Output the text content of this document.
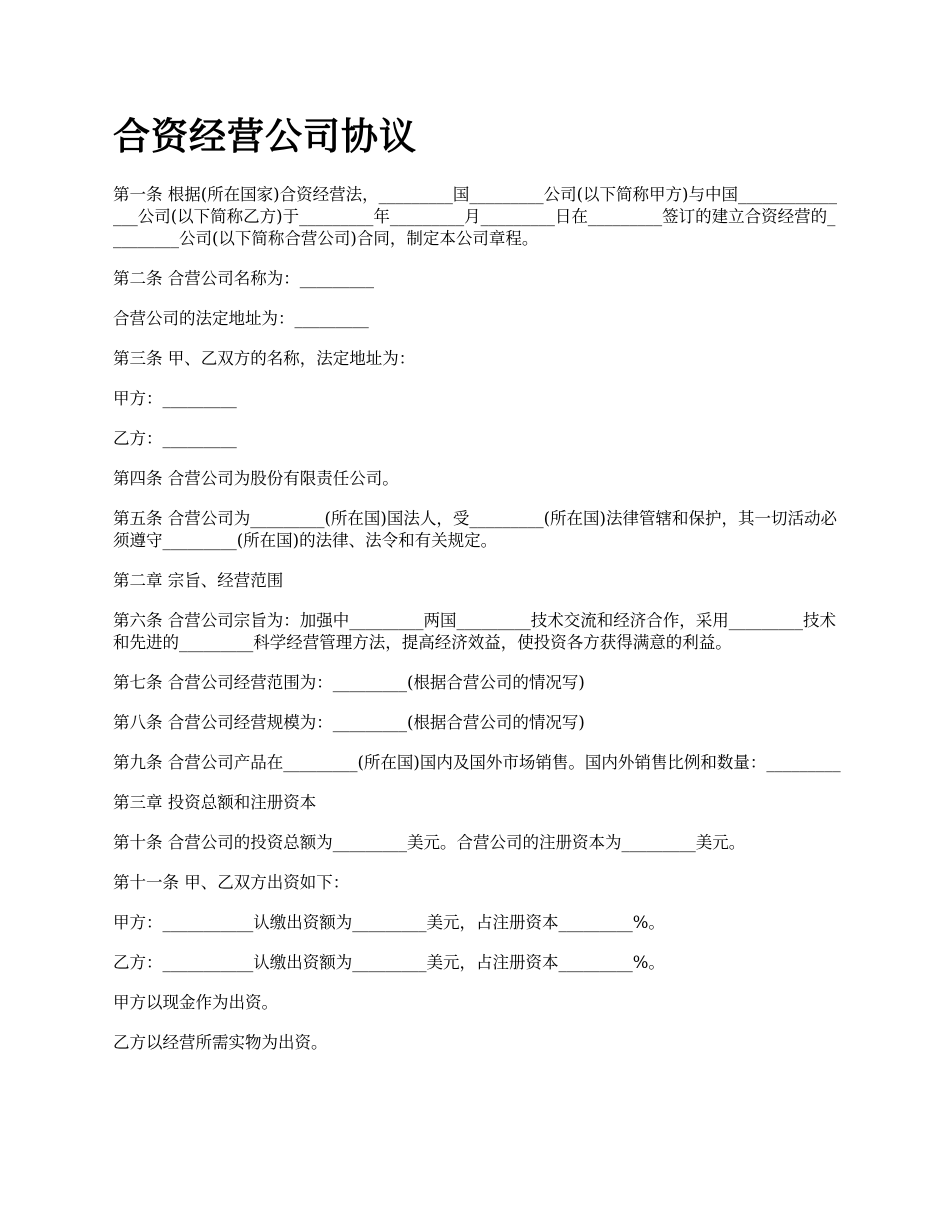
合资经营公司协议

第一条 根据(所在国家)合资经营法，_________国_________公司(以下简称甲方)与中国_______________公司(以下简称乙方)于_________年_________月_________日在_________签订的建立合资经营的_________公司(以下简称合营公司)合同，制定本公司章程。

第二条 合营公司名称为：_________

合营公司的法定地址为：_________

第三条 甲、乙双方的名称，法定地址为：

甲方：_________

乙方：_________

第四条 合营公司为股份有限责任公司。

第五条 合营公司为_________(所在国)国法人，受_________(所在国)法律管辖和保护，其一切活动必须遵守_________(所在国)的法律、法令和有关规定。

第二章 宗旨、经营范围

第六条 合营公司宗旨为：加强中_________两国_________技术交流和经济合作，采用_________技术和先进的_________科学经营管理方法，提高经济效益，使投资各方获得满意的利益。

第七条 合营公司经营范围为：_________(根据合营公司的情况写)

第八条 合营公司经营规模为：_________(根据合营公司的情况写)

第九条 合营公司产品在_________(所在国)国内及国外市场销售。国内外销售比例和数量：_________

第三章 投资总额和注册资本

第十条 合营公司的投资总额为_________美元。合营公司的注册资本为_________美元。

第十一条 甲、乙双方出资如下：

甲方：___________认缴出资额为_________美元，占注册资本_________%。

乙方：___________认缴出资额为_________美元，占注册资本_________%。

甲方以现金作为出资。

乙方以经营所需实物为出资。
